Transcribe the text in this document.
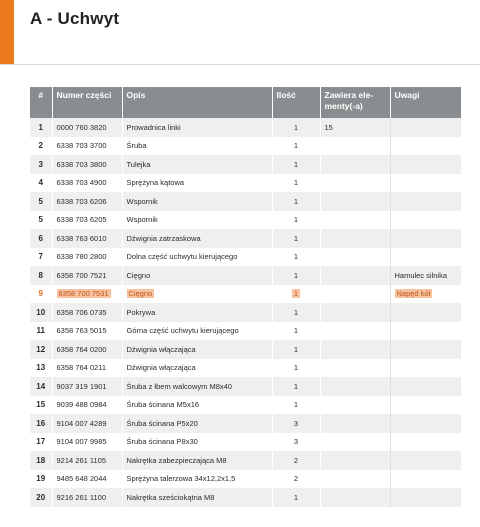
A - Uchwyt
#	Numer części	Opis	Ilość	Zawiera ele-menty(-a)	Uwagi
1	0000 760 3820	Prowadnica linki	1	15	
2	6338 703 3700	Śruba	1		
3	6338 703 3800	Tulejka	1		
4	6338 703 4900	Sprężyna kątowa	1		
5	6338 703 6206	Wspornik	1		
5	6338 703 6205	Wspornik	1		
6	6338 763 6010	Dźwignia zatrzaskowa	1		
7	6338 780 2800	Dolna część uchwytu kierującego	1		
8	6358 700 7521	Cięgno	1		Hamulec silnika
9	6358 700 7531	Cięgno	1		Napęd kół
10	6358 706 0735	Pokrywa	1		
11	6358 763 5015	Górna część uchwytu kierującego	1		
12	6358 764 0200	Dźwignia włączająca	1		
13	6358 764 0211	Dźwignia włączająca	1		
14	9037 319 1901	Śruba z łbem walcowym M8x40	1		
15	9039 488 0984	Śruba ścinana M5x16	1		
16	9104 007 4289	Śruba ścinana P5x20	3		
17	9104 007 9985	Śruba ścinana P8x30	3		
18	9214 261 1105	Nakrętka zabezpieczająca M8	2		
19	9485 648 2044	Sprężyna talerzowa 34x12,2x1,5	2		
20	9216 261 1100	Nakrętka sześciokątna M8	1		
